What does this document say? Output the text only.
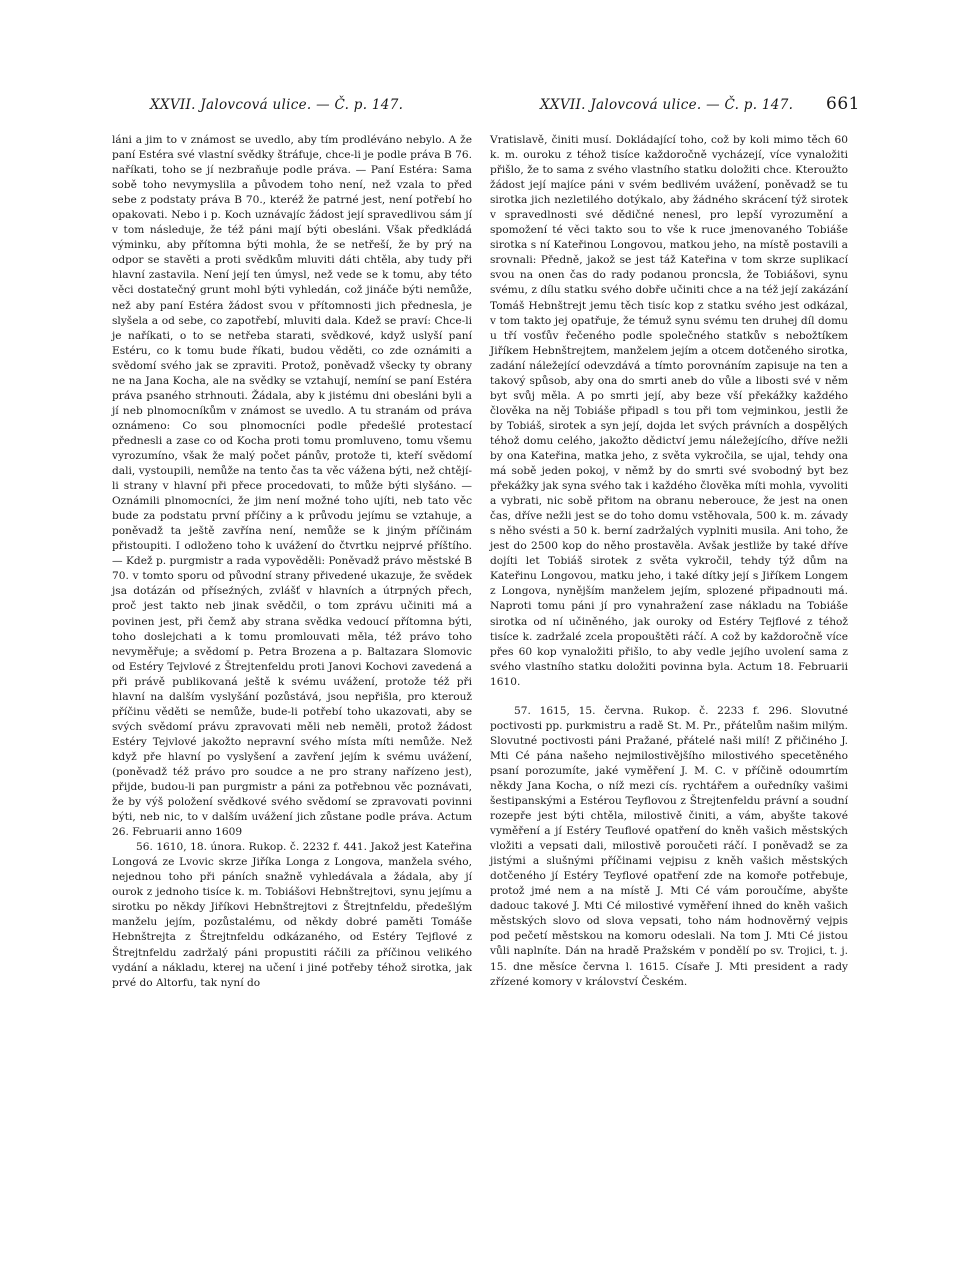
XXVII. Jalovcová ulice. — Č. p. 147.	XXVII. Jalovcová ulice. — Č. p. 147. 661

láni a jim to v známost se uvedlo, aby tím prodléváno nebylo. A že paní Estéra své vlastní svědky štráfuje, chce-li je podle práva B 76. naříkati, toho se jí nezbraňuje podle práva. — Paní Estéra: Sama sobě toho nevymyslila a původem toho není, než vzala to před sebe z podstaty práva B 70., kteréž že patrné jest, není potřebí ho opakovati. Nebo i p. Koch uznávajíc žádost její spravedlivou sám jí v tom následuje, že též páni mají býti obesláni. Však předkládá výminku, aby přítomna býti mohla, že se netřeší, že by prý na odpor se stavěti a proti svědkům mluviti dáti chtěla, aby tudy při hlavní zastavila. Není její ten úmysl, než vede se k tomu, aby této věci dostatečný grunt mohl býti vyhledán, což jináče býti nemůže, než aby paní Estéra žádost svou v přítomnosti jich přednesla, je slyšela a od sebe, co zapotřebí, mluviti dala. Kdež se praví: Chce-li je naříkati, o to se netřeba starati, svědkové, když uslyší paní Estéru, co k tomu bude říkati, budou věděti, co zde oznámiti a svědomí svého jak se zpraviti. Protož, poněvadž všecky ty obrany ne na Jana Kocha, ale na svědky se vztahují, nemíní se paní Estéra práva psaného strhnouti. Žádala, aby k jistému dni obesláni byli a jí neb plnomocníkům v známost se uvedlo. A tu stranám od práva oznámeno: Co sou plnomocníci podle předešlé protestací přednesli a zase co od Kocha proti tomu promluveno, tomu všemu vyrozumíno, však že malý počet pánův, protože ti, kteří svědomí dali, vystoupili, nemůže na tento čas ta věc vážena býti, než chtějí-li strany v hlavní při přece procedovati, to může býti slyšáno. — Oznámili plnomocníci, že jim není možné toho ujíti, neb tato věc bude za podstatu první příčiny a k průvodu jejímu se vztahuje, a poněvadž ta ještě zavřína není, nemůže se k jiným příčinám přistoupiti. I odloženo toho k uvážení do čtvrtku nejprvé příštího. — Kdež p. purgmistr a rada vypověděli: Poněvadž právo městské B 70. v tomto sporu od původní strany přivedené ukazuje, že svědek jsa dotázán od příseźných, zvlášť v hlavních a útrpných přech, proč jest takto neb jinak svědčil, o tom zprávu učiniti má a povinen jest, při čemž aby strana svědka vedoucí přítomna býti, toho doslejchati a k tomu promlouvati měla, též právo toho nevyměřuje; a svědomí p. Petra Brozena a p. Baltazara Slomovic od Estéry Tejvlové z Štrejtenfeldu proti Janovi Kochovi zavedená a při právě publikovaná ještě k svému uvážení, protože též při hlavní na dalším vyslyšání pozůstává, jsou nepřišla, pro kterouž příčinu věděti se nemůže, bude-li potřebí toho ukazovati, aby se svých svědomí právu zpravovati měli neb neměli, protož žádost Estéry Tejvlové jakožto nepravní svého místa míti nemůže. Než když pře hlavní po vyslyšení a zavření jejím k svému uvážení, (poněvadž též právo pro soudce a ne pro strany nařízeno jest), přijde, budou-li pan purgmistr a páni za potřebnou věc poznávati, že by výš položení svědkové svého svědomí se zpravovati povinni býti, neb nic, to v dalším uvážení jich zůstane podle práva. Actum 26. Februarii anno 1609

56. 1610, 18. února. Rukop. č. 2232 f. 441. Jakož jest Kateřina Longová ze Lvovic skrze Jiříka Longa z Longova, manžela svého, nejednou toho při páních snažně vyhledávala a žádala, aby jí ourok z jednoho tisíce k. m. Tobiášovi Hebnštrejtovi, synu jejímu a sirotku po někdy Jiříkovi Hebnštrejtovi z Štrejtnfeldu, předešlým manželu jejím, pozůstalému, od někdy dobré paměti Tomáše Hebnštrejta z Štrejtnfeldu odkázaného, od Estéry Tejflové z Štrejtnfeldu zadržalý páni propustiti ráčili za příčinou velikého vydání a nákladu, kterej na učení i jiné potřeby téhož sirotka, jak prvé do Altorfu, tak nyní do

Vratislavě, činiti musí. Dokládající toho, což by koli mimo těch 60 k. m. ouroku z téhož tisíce každoročně vycházejí, více vynaložiti přišlo, že to sama z svého vlastního statku doložiti chce. Kteroužto žádost její majíce páni v svém bedlivém uvážení, poněvadž se tu sirotka jich nezletilého dotýkalo, aby žádného skrácení týž sirotek v spravedlnosti své dědičné nenesl, pro lepší vyrozumění a spomožení té věci takto sou to vše k ruce jmenovaného Tobiáše sirotka s ní Kateřinou Longovou, matkou jeho, na místě postavili a srovnali: Předně, jakož se jest táž Kateřina v tom skrze suplikací svou na onen čas do rady podanou proncsla, že Tobiášovi, synu svému, z dílu statku svého dobře učiniti chce a na též její zakázání Tomáš Hebnštrejt jemu těch tisíc kop z statku svého jest odkázal, v tom takto jej opatřuje, že témuž synu svému ten druhej díl domu u tří vosťův řečeného podle společného statkův s nebožtíkem Jiříkem Hebnštrejtem, manželem jejím a otcem dotčeného sirotka, zadání náležející odevzdává a tímto porovnáním zapisuje na ten a takový spůsob, aby ona do smrti aneb do vůle a libosti své v něm byt svůj měla. A po smrti její, aby beze vší překážky každého člověka na něj Tobiáše připadl s tou při tom vejminkou, jestli že by Tobiáš, sirotek a syn její, dojda let svých právních a dospělých téhož domu celého, jakožto dědictví jemu náležejícího, dříve nežli by ona Kateřina, matka jeho, z světa vykročila, se ujal, tehdy ona má sobě jeden pokoj, v němž by do smrti své svobodný byt bez překážky jak syna svého tak i každého člověka míti mohla, vyvoliti a vybrati, nic sobě přitom na obranu neberouce, že jest na onen čas, dříve nežli jest se do toho domu vstěhovala, 500 k. m. závady s něho svésti a 50 k. berní zadržalých vyplniti musila. Ani toho, že jest do 2500 kop do něho prostavěla. Avšak jestliže by také dříve dojíti let Tobiáš sirotek z světa vykročil, tehdy týž dům na Kateřinu Longovou, matku jeho, i také dítky její s Jiříkem Longem z Longova, nynějším manželem jejím, splozené připadnouti má. Naproti tomu páni jí pro vynahražení zase nákladu na Tobiáše sirotka od ní učiněného, jak ouroky od Estéry Tejflové z téhož tisíce k. zadržalé zcela propouštěti ráčí. A což by každoročně více přes 60 kop vynaložiti přišlo, to aby vedle jejího uvolení sama z svého vlastního statku doložiti povinna byla. Actum 18. Februarii 1610.

57. 1615, 15. června. Rukop. č. 2233 f. 296. Slovutné poctivosti pp. purkmistru a radě St. M. Pr., přátelům našim milým. Slovutné poctivosti páni Pražané, přátelé naši milí! Z přičiného J. Mti Cé pána našeho nejmilostivějšího milostivého specetěného psaní porozumíte, jaké vyměření J. M. C. v příčině odoumrtím někdy Jana Kocha, o níž mezi cís. rychtářem a ouředníky vašimi šestipanskými a Estérou Teyflovou z Štrejtenfeldu právní a soudní rozepře jest býti chtěla, milostivě činiti, a vám, abyšte takové vyměření a jí Estéry Teuflové opatření do kněh vašich městských vložiti a vepsati dali, milostivě poroučeti ráčí. I poněvadž se za jistými a slušnými příčinami vejpisu z kněh vašich městských dotčeného jí Estéry Teyflové opatření zde na komoře potřebuje, protož jmé nem a na místě J. Mti Cé vám poroučíme, abyšte dadouc takové J. Mti Cé milostivé vyměření ihned do kněh vašich městských slovo od slova vepsati, toho nám hodnověrný vejpis pod pečetí městskou na komoru odeslali. Na tom J. Mti Cé jistou vůli naplníte. Dán na hradě Pražském v pondělí po sv. Trojici, t. j. 15. dne měsíce června l. 1615. Císaře J. Mti president a rady zřízené komory v království Českém.
